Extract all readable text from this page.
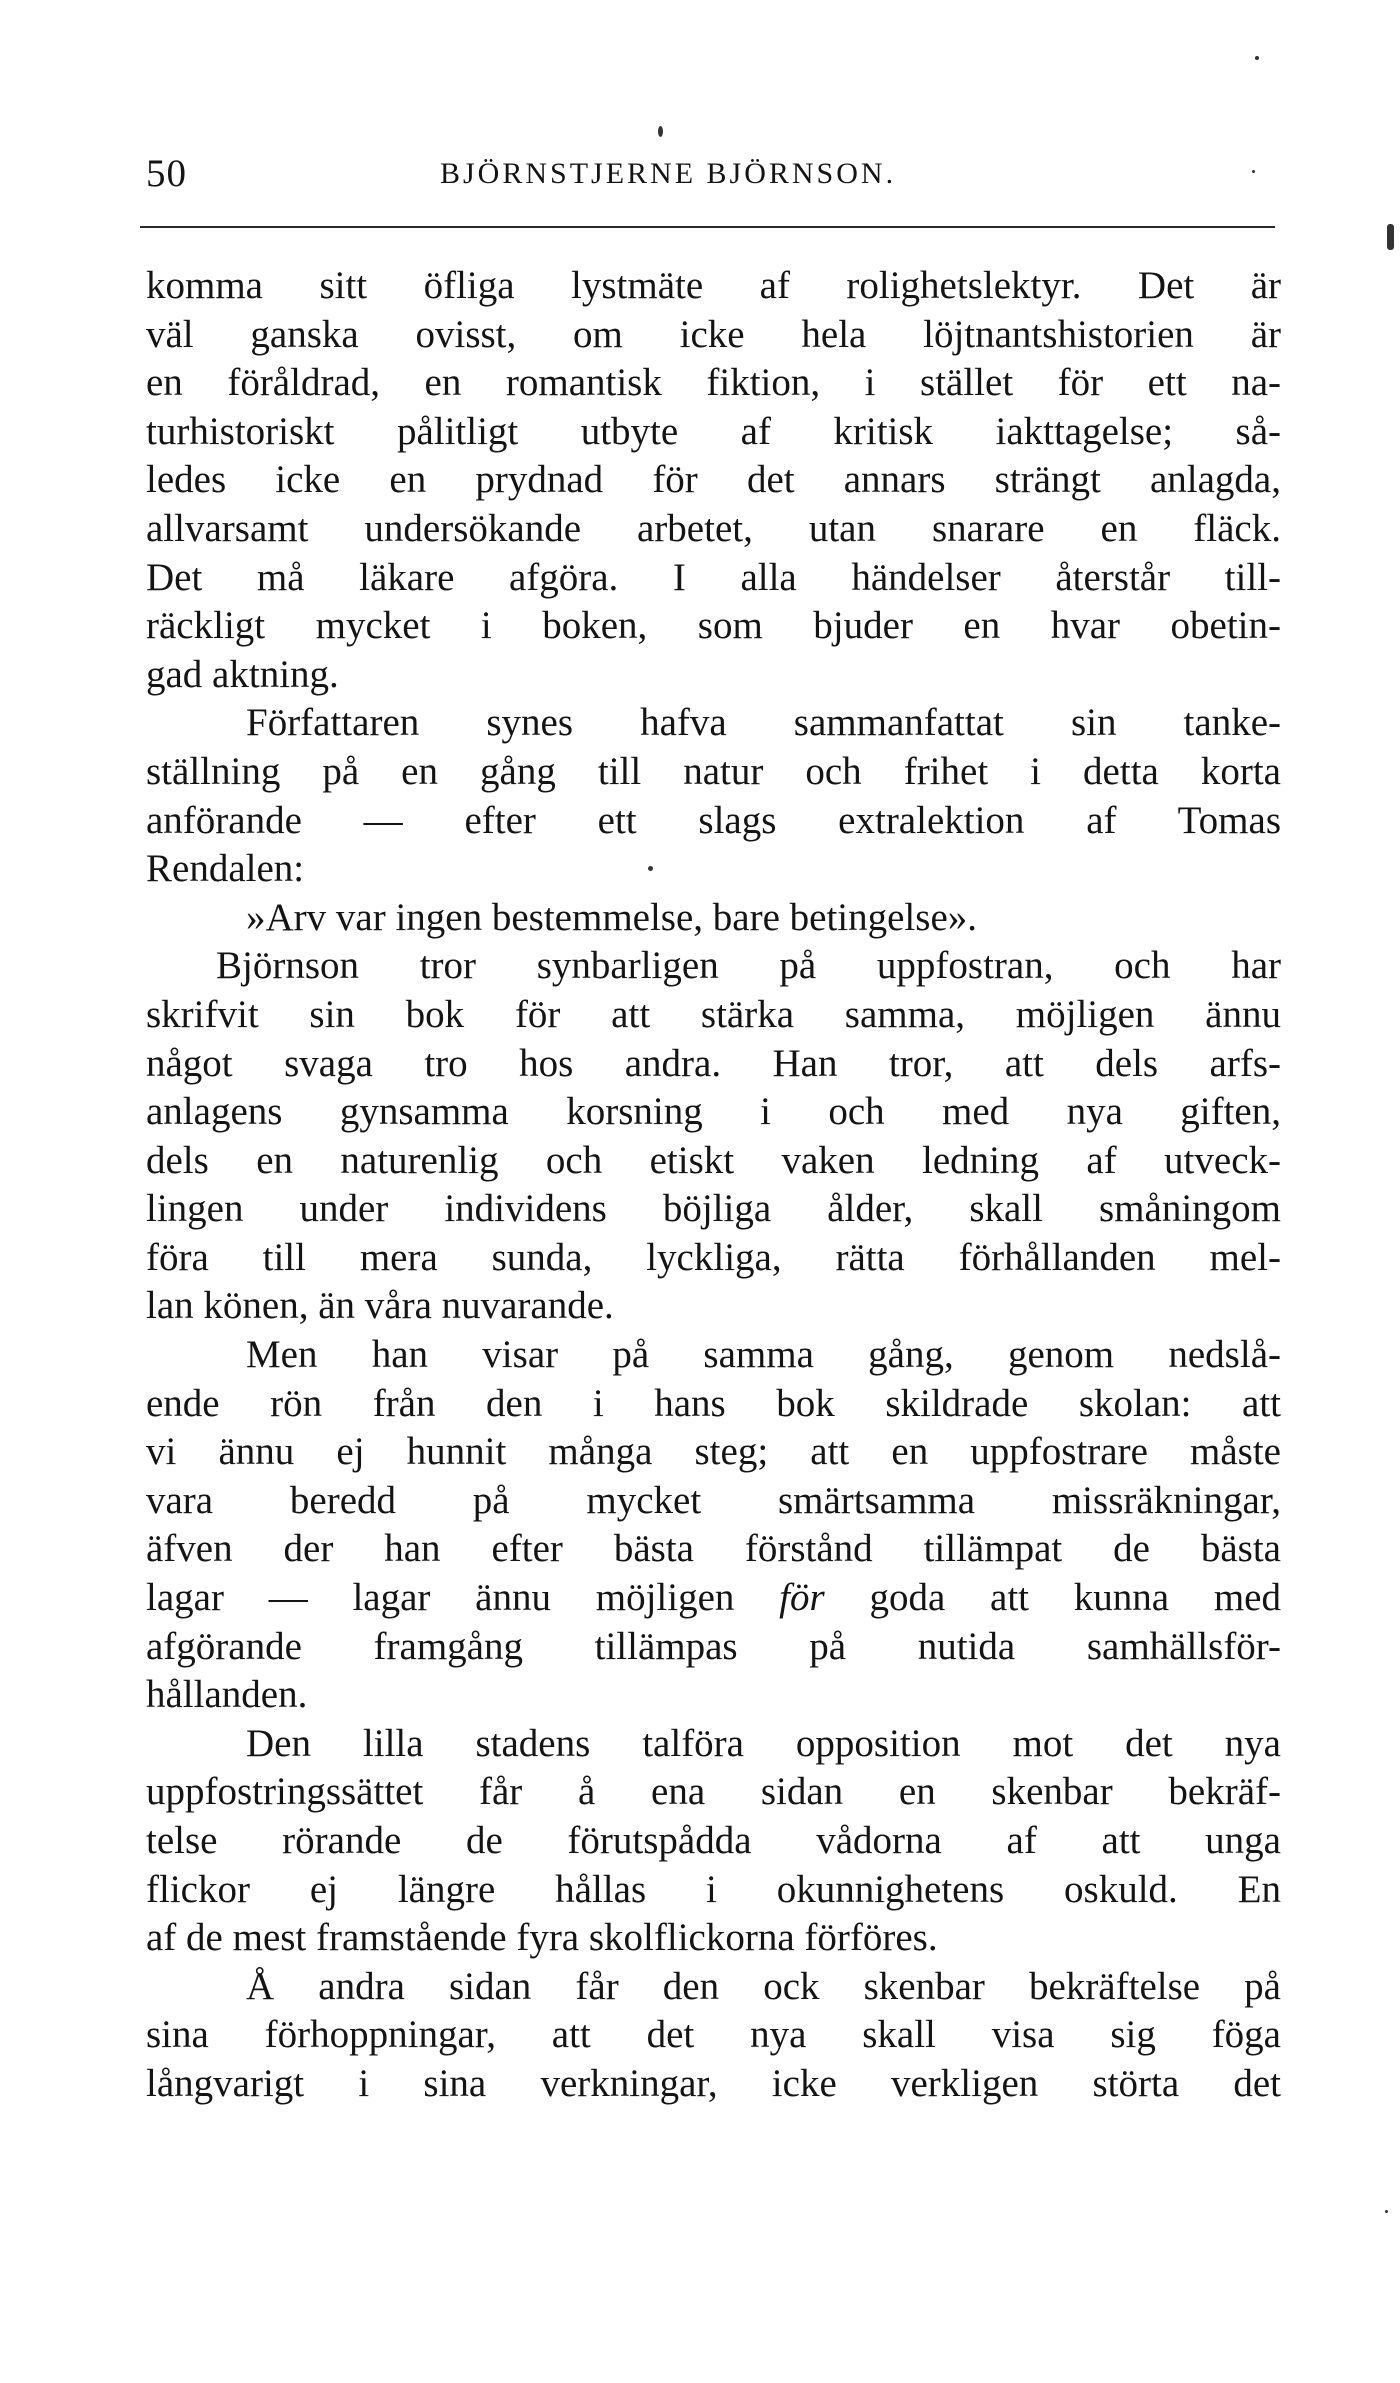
50	BJÖRNSTJERNE BJÖRNSON.
komma sitt öfliga lystmäte af rolighetslektyr. Det är
väl ganska ovisst, om icke hela löjtnantshistorien är
en föråldrad, en romantisk fiktion, i stället för ett na-
turhistoriskt pålitligt utbyte af kritisk iakttagelse; så-
ledes icke en prydnad för det annars strängt anlagda,
allvarsamt undersökande arbetet, utan snarare en fläck.
Det må läkare afgöra. I alla händelser återstår till-
räckligt mycket i boken, som bjuder en hvar obetin-
gad aktning.
Författaren synes hafva sammanfattat sin tanke-
ställning på en gång till natur och frihet i detta korta
anförande — efter ett slags extralektion af Tomas
Rendalen:
»Arv var ingen bestemmelse, bare betingelse».
Björnson tror synbarligen på uppfostran, och har
skrifvit sin bok för att stärka samma, möjligen ännu
något svaga tro hos andra. Han tror, att dels arfs-
anlagens gynsamma korsning i och med nya giften,
dels en naturenlig och etiskt vaken ledning af utveck-
lingen under individens böjliga ålder, skall småningom
föra till mera sunda, lyckliga, rätta förhållanden mel-
lan könen, än våra nuvarande.
Men han visar på samma gång, genom nedslå-
ende rön från den i hans bok skildrade skolan: att
vi ännu ej hunnit många steg; att en uppfostrare måste
vara beredd på mycket smärtsamma missräkningar,
äfven der han efter bästa förstånd tillämpat de bästa
lagar — lagar ännu möjligen för goda att kunna med
afgörande framgång tillämpas på nutida samhällsför-
hållanden.
Den lilla stadens talföra opposition mot det nya
uppfostringssättet får å ena sidan en skenbar bekräf-
telse rörande de förutspådda vådorna af att unga
flickor ej längre hållas i okunnighetens oskuld. En
af de mest framstående fyra skolflickorna förföres.
Å andra sidan får den ock skenbar bekräftelse på
sina förhoppningar, att det nya skall visa sig föga
långvarigt i sina verkningar, icke verkligen störta det
